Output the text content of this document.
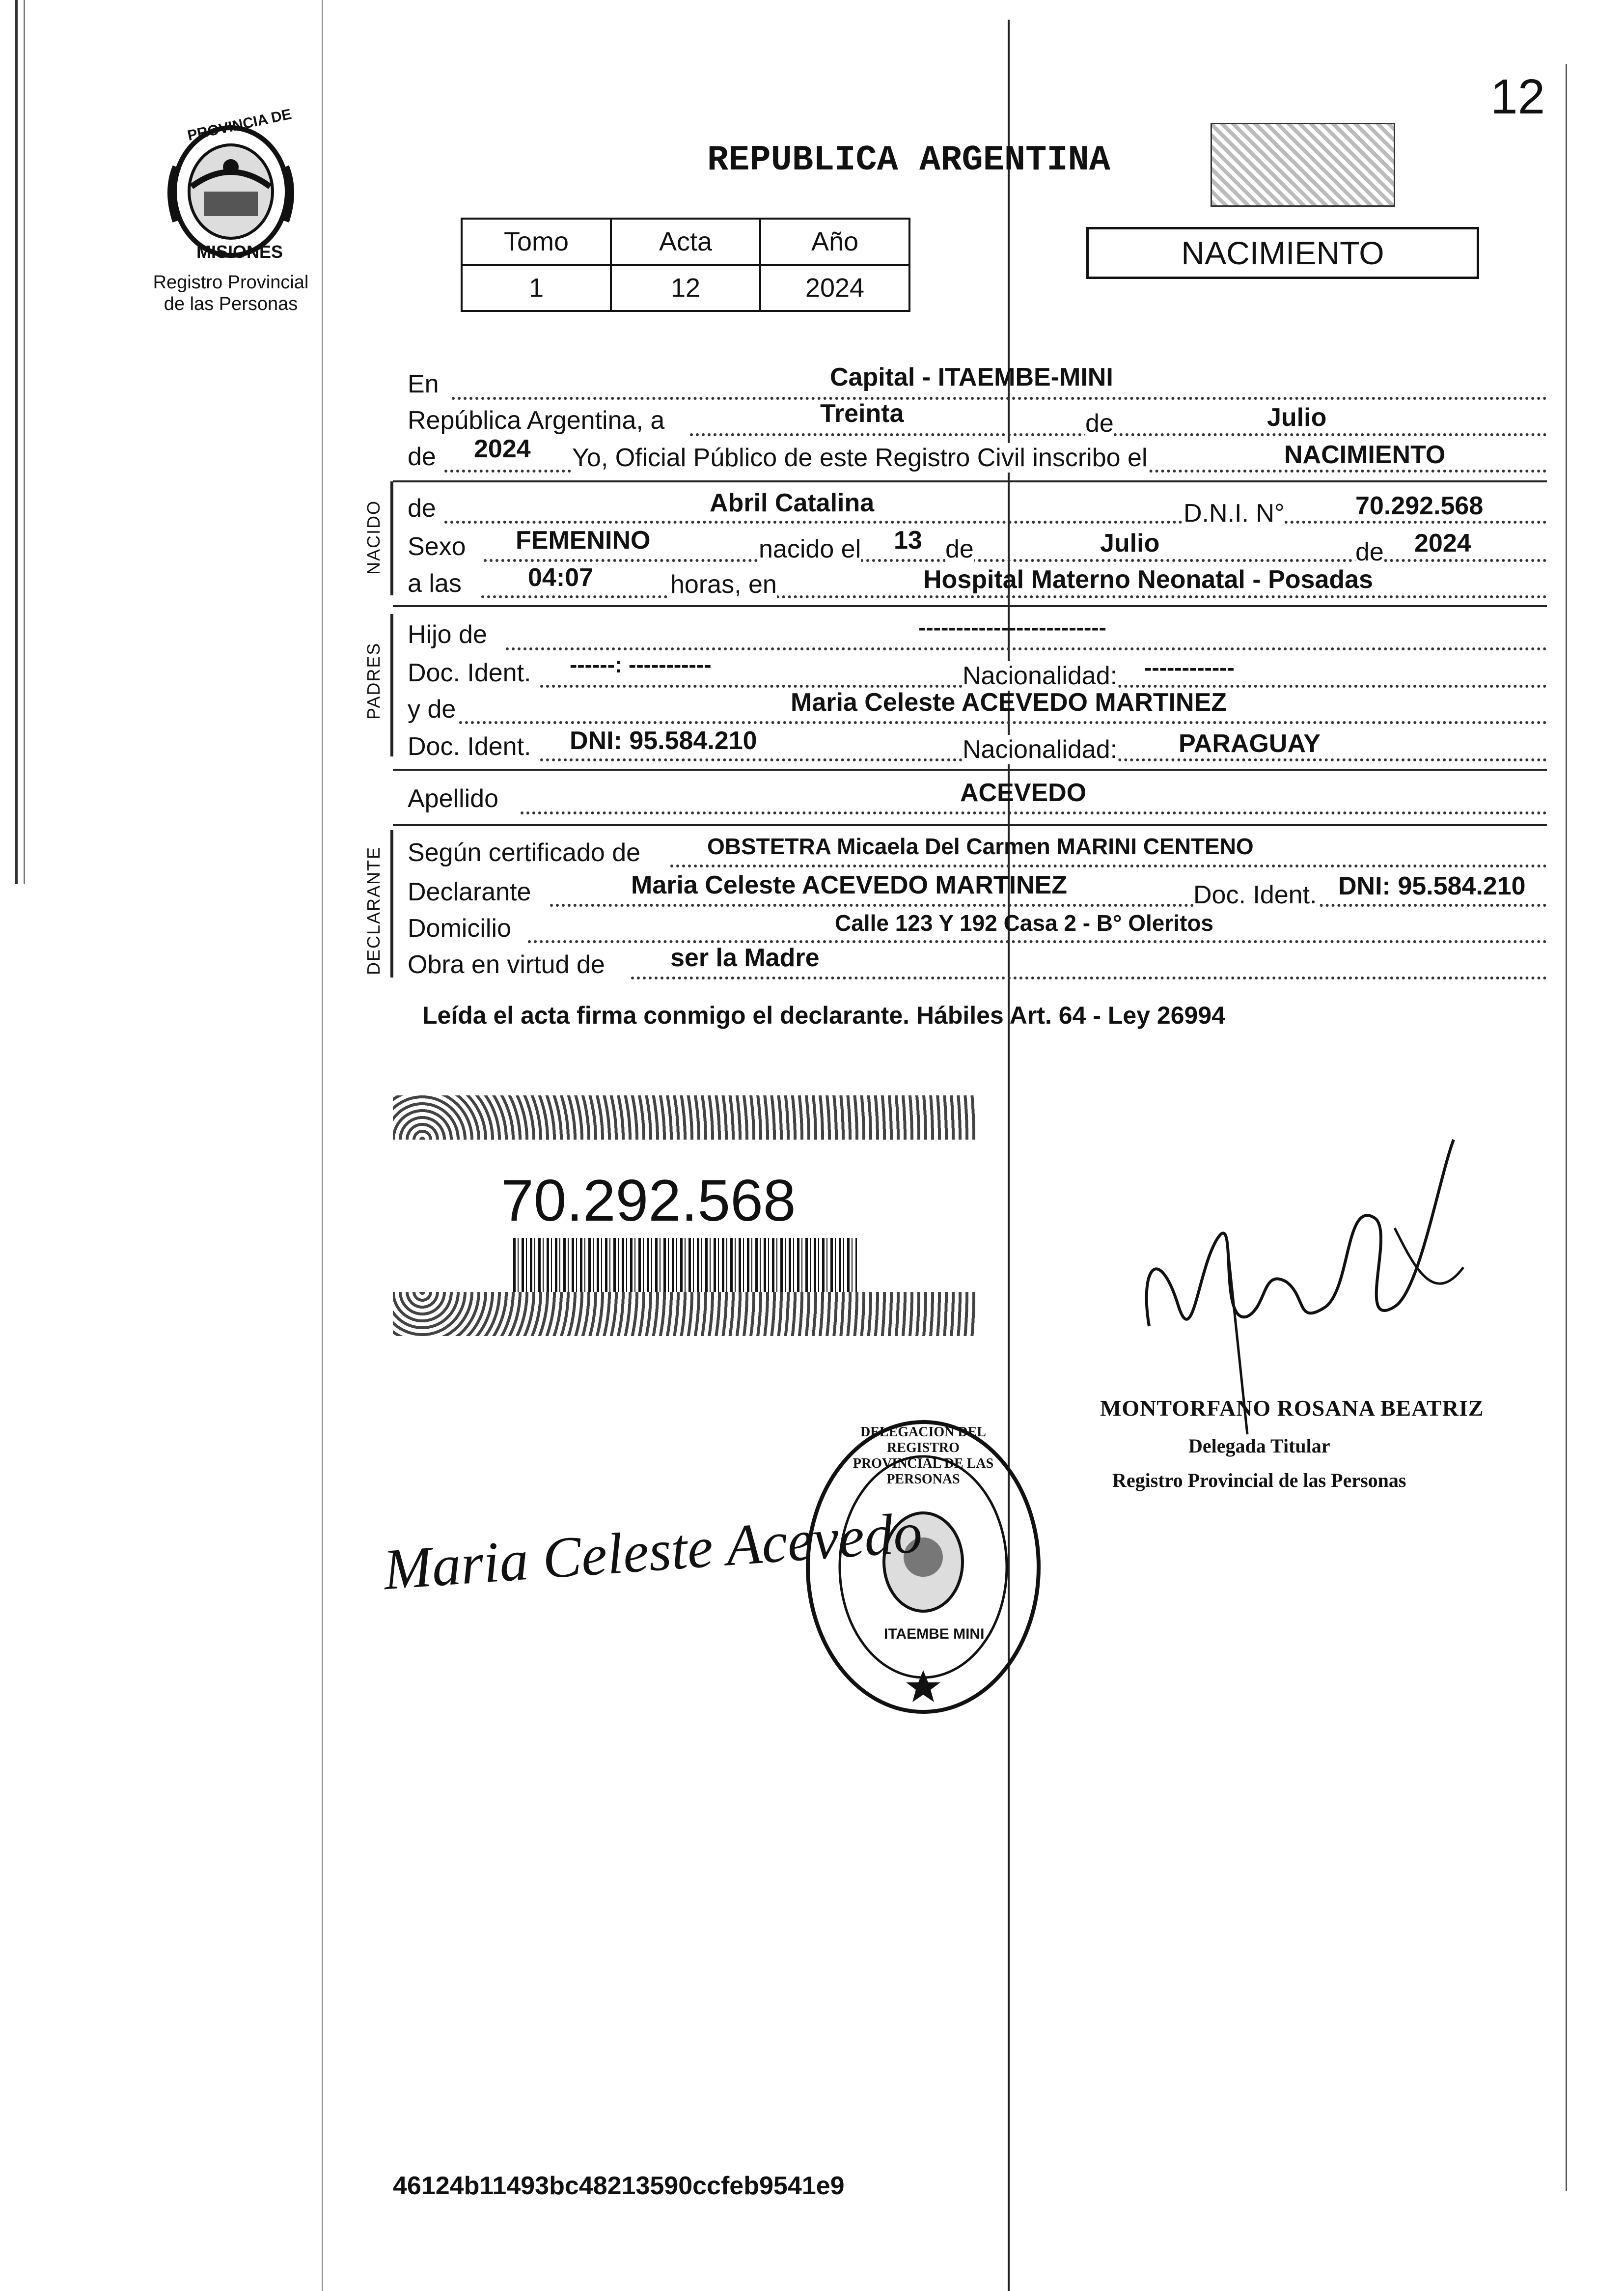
12
PROVINCIA DE
MISIONES
Registro Provincial
de las Personas
REPUBLICA ARGENTINA
Tomo	Acta	Año
1	12	2024
NACIMIENTO
En	Capital - ITAEMBE-MINI
República Argentina, a	Treinta	de	Julio
de 2024 Yo, Oficial Público de este Registro Civil inscribo el	NACIMIENTO
NACIDO de	Abril Catalina	D.N.I. N°	70.292.568
Sexo FEMENINO	nacido el 13 de	Julio	de 2024
a las	04:07	horas, en	Hospital Materno Neonatal - Posadas
PADRES
Hijo de	-------------------------
Doc. Ident. ------: -----------	Nacionalidad: ------------
y de	Maria Celeste ACEVEDO MARTINEZ
Doc. Ident. DNI: 95.584.210	Nacionalidad: PARAGUAY
Apellido	ACEVEDO
DECLARANTE Según certificado de	OBSTETRA Micaela Del Carmen MARINI CENTENO
Declarante	Maria Celeste ACEVEDO MARTINEZ	Doc. Ident. DNI: 95.584.210
Domicilio	Calle 123 Y 192 Casa 2 - B° Oleritos
Obra en virtud de	ser la Madre
Leída el acta firma conmigo el declarante. Hábiles Art. 64 - Ley 26994
70.292.568
MONTORFANO ROSANA BEATRIZ
Delegada Titular
Registro Provincial de las Personas
DELEGACION DEL REGISTRO PROVINCIAL DE LAS PERSONAS
ITAEMBE MINI
Maria Celeste Acevedo
46124b11493bc48213590ccfeb9541e9
